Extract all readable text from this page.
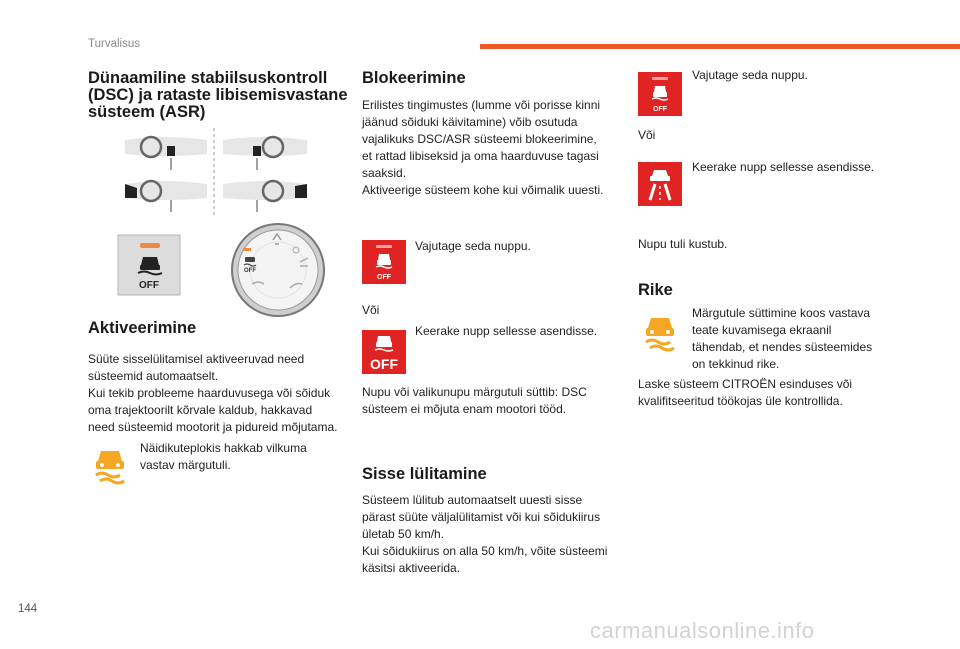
Turvalisus
Dünaamiline stabiilsuskontroll
(DSC) ja rataste libisemisvastane
süsteem (ASR)
OFF
OFF
Aktiveerimine
Süüte sisselülitamisel aktiveeruvad need
süsteemid automaatselt.
Kui tekib probleeme haarduvusega või sõiduk
oma trajektoorilt kõrvale kaldub, hakkavad
need süsteemid mootorit ja pidureid mõjutama.
Näidikuteplokis hakkab vilkuma
vastav märgutuli.
Blokeerimine
Erilistes tingimustes (lumme või porisse kinni
jäänud sõiduki käivitamine) võib osutuda
vajalikuks DSC/ASR süsteemi blokeerimine,
et rattad libiseksid ja oma haarduvuse tagasi
saaksid.
Aktiveerige süsteem kohe kui võimalik uuesti.
OFF
Vajutage seda nuppu.
Või
OFF
Keerake nupp sellesse asendisse.
Nupu või valikunupu märgutuli süttib: DSC
süsteem ei mõjuta enam mootori tööd.
Sisse lülitamine
Süsteem lülitub automaatselt uuesti sisse
pärast süüte väljalülitamist või kui sõidukiirus
ületab 50 km/h.
Kui sõidukiirus on alla 50 km/h, võite süsteemi
käsitsi aktiveerida.
OFF
Vajutage seda nuppu.
Või
Keerake nupp sellesse asendisse.
Nupu tuli kustub.
Rike
Märgutule süttimine koos vastava
teate kuvamisega ekraanil
tähendab, et nendes süsteemides
on tekkinud rike.
Laske süsteem CITROËN esinduses või
kvalifitseeritud töökojas üle kontrollida.
144
carmanualsonline.info
